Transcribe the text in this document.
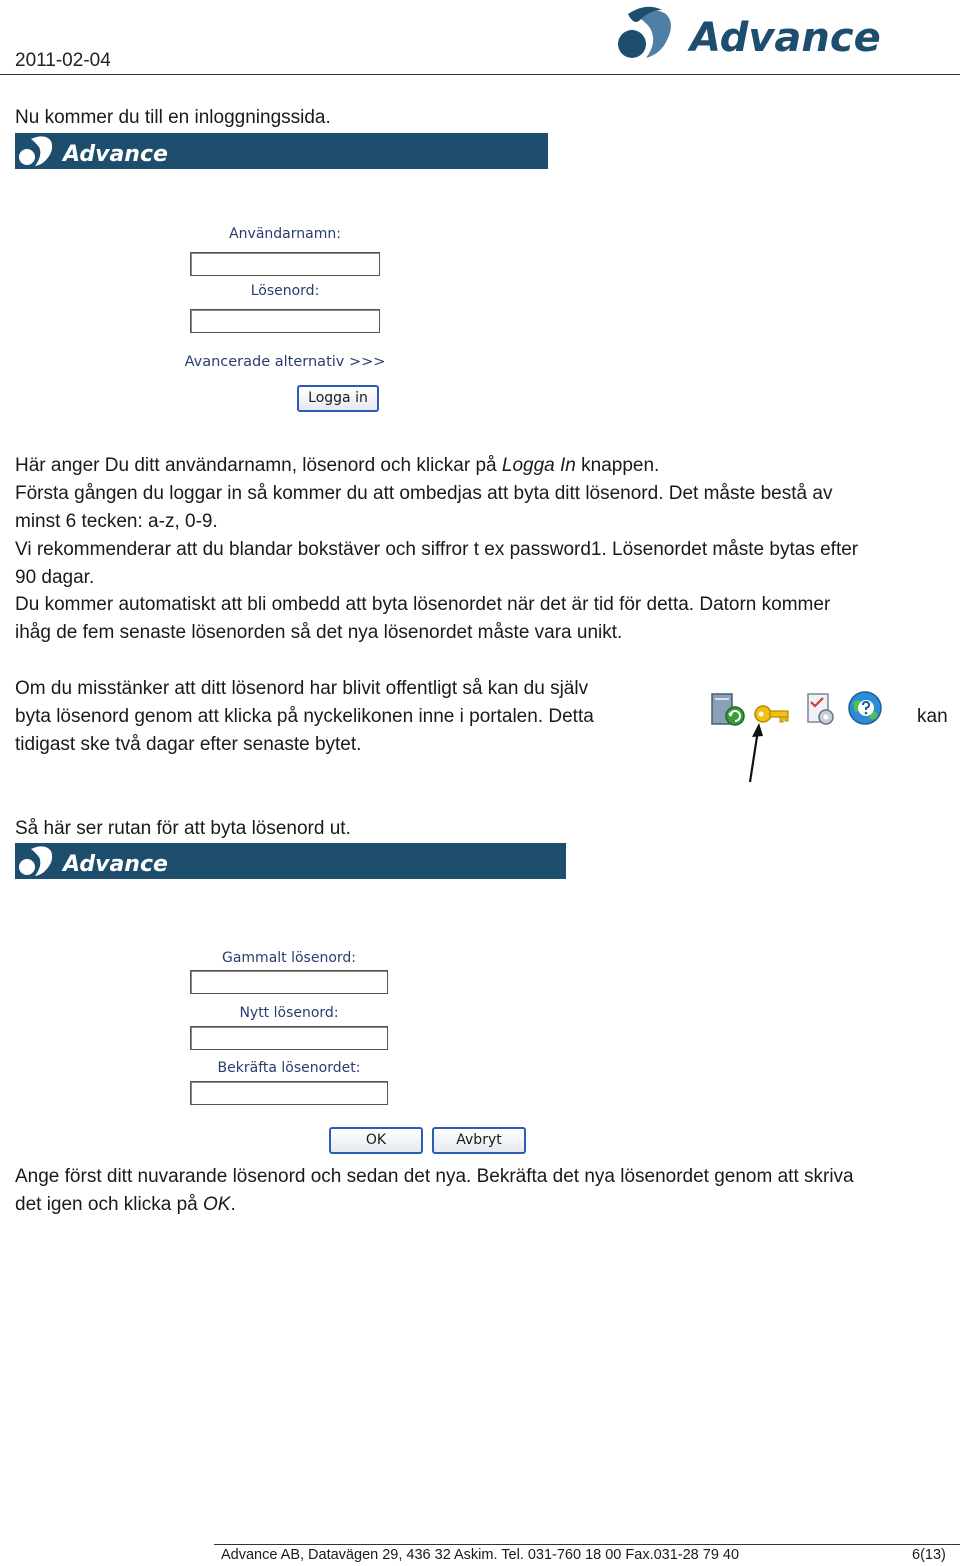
2011-02-04	Advance
Nu kommer du till en inloggningssida.
Advance
Användarnamn:
Lösenord:
Avancerade alternativ >>>
Logga in
Här anger Du ditt användarnamn, lösenord och klickar på Logga In knappen.
Första gången du loggar in så kommer du att ombedjas att byta ditt lösenord. Det måste bestå av
minst 6 tecken: a-z, 0-9.
Vi rekommenderar att du blandar bokstäver och siffror t ex password1. Lösenordet måste bytas efter
90 dagar.
Du kommer automatiskt att bli ombedd att byta lösenordet när det är tid för detta. Datorn kommer
ihåg de fem senaste lösenorden så det nya lösenordet måste vara unikt.
Om du misstänker att ditt lösenord har blivit offentligt så kan du själv
byta lösenord genom att klicka på nyckelikonen inne i portalen. Detta	kan
tidigast ske två dagar efter senaste bytet.
Så här ser rutan för att byta lösenord ut.
Advance
Gammalt lösenord:
Nytt lösenord:
Bekräfta lösenordet:
OK	Avbryt
Ange först ditt nuvarande lösenord och sedan det nya. Bekräfta det nya lösenordet genom att skriva
det igen och klicka på OK.
Advance AB, Datavägen 29, 436 32 Askim. Tel. 031-760 18 00 Fax.031-28 79 40	6(13)
